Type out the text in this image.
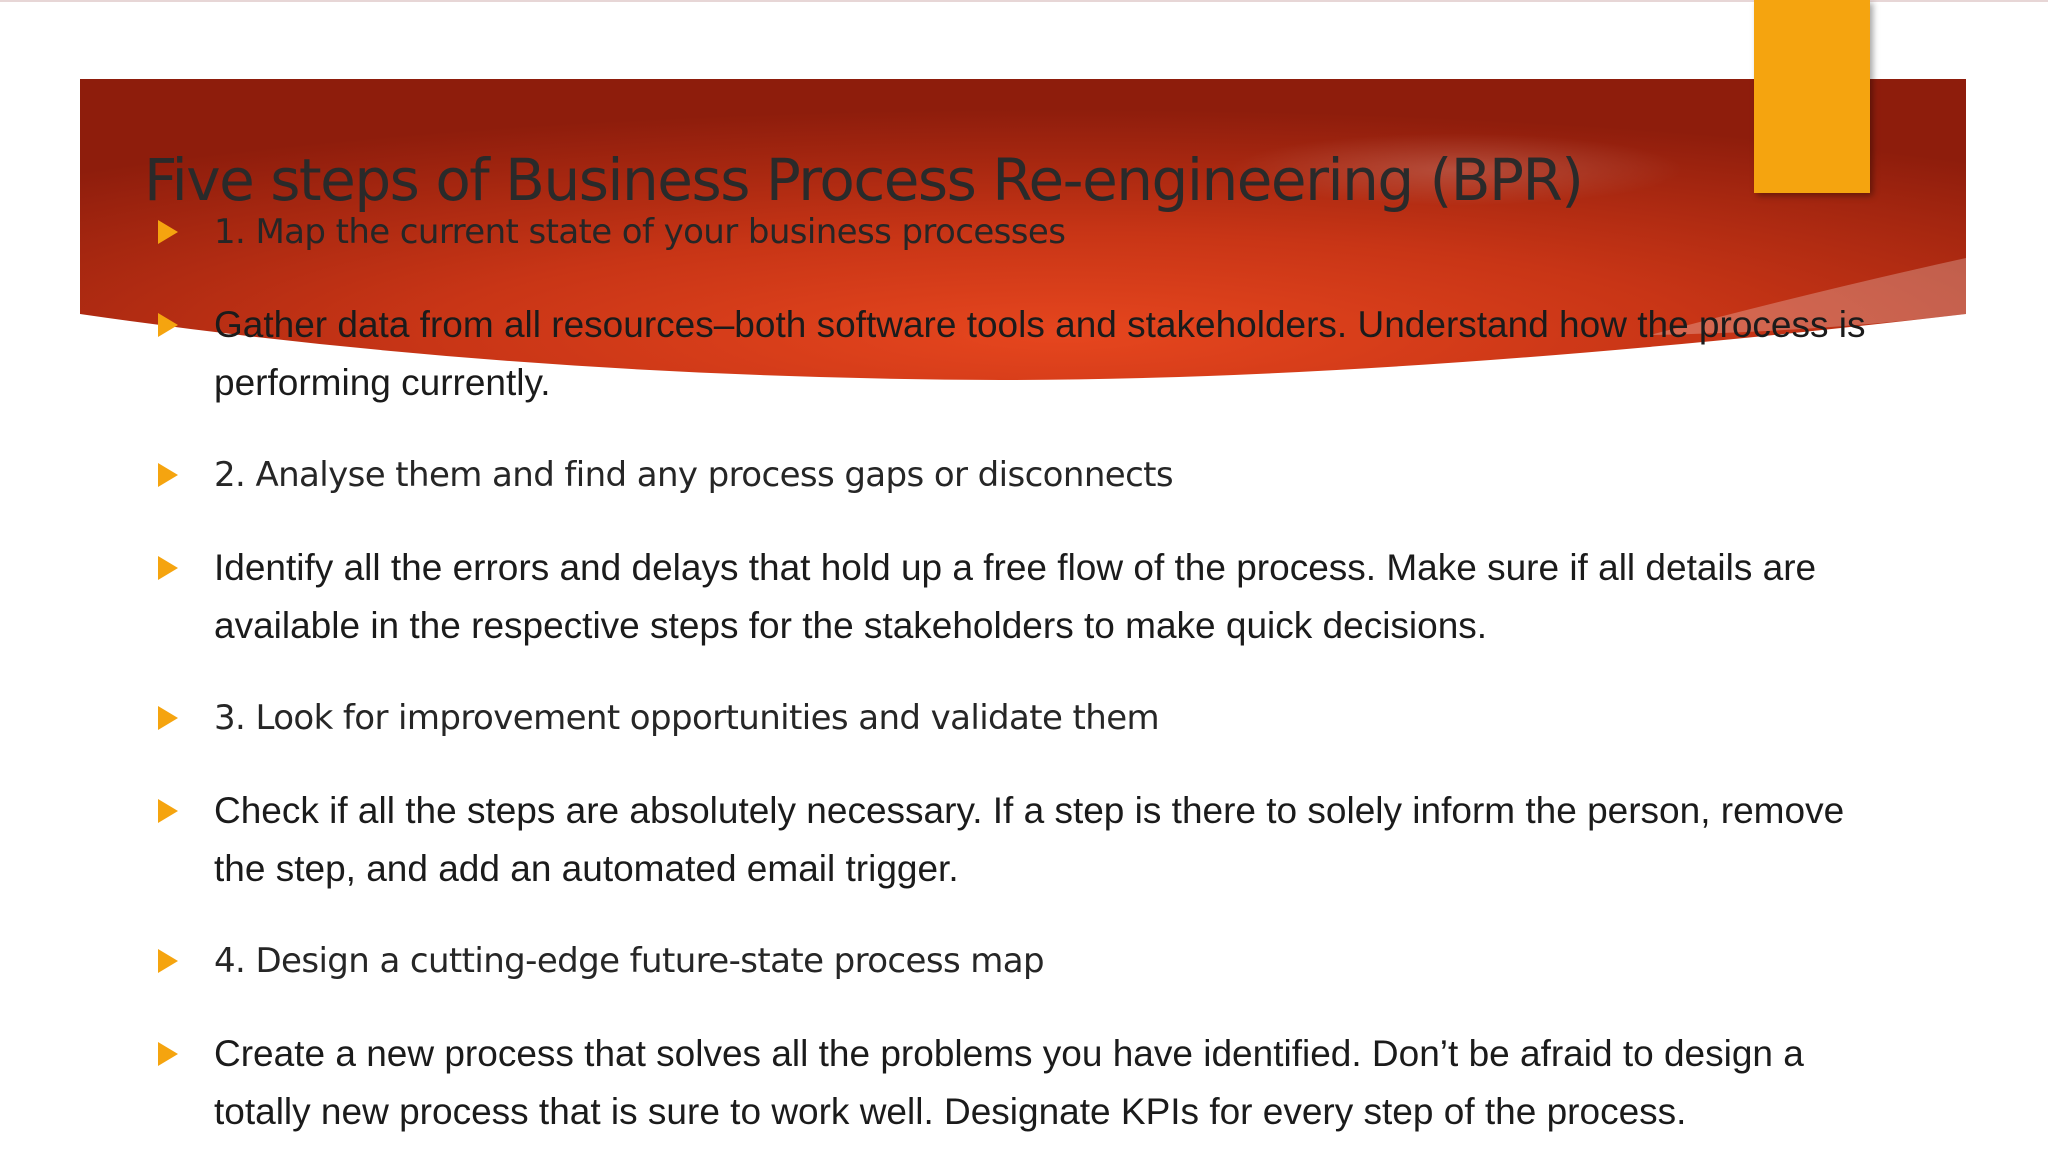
Five steps of Business Process Re-engineering (BPR)

1. Map the current state of your business processes

Gather data from all resources–both software tools and stakeholders. Understand how the process is performing currently.

2. Analyse them and find any process gaps or disconnects

Identify all the errors and delays that hold up a free flow of the process. Make sure if all details are available in the respective steps for the stakeholders to make quick decisions.

3. Look for improvement opportunities and validate them

Check if all the steps are absolutely necessary. If a step is there to solely inform the person, remove the step, and add an automated email trigger.

4. Design a cutting-edge future-state process map

Create a new process that solves all the problems you have identified. Don’t be afraid to design a totally new process that is sure to work well. Designate KPIs for every step of the process.
